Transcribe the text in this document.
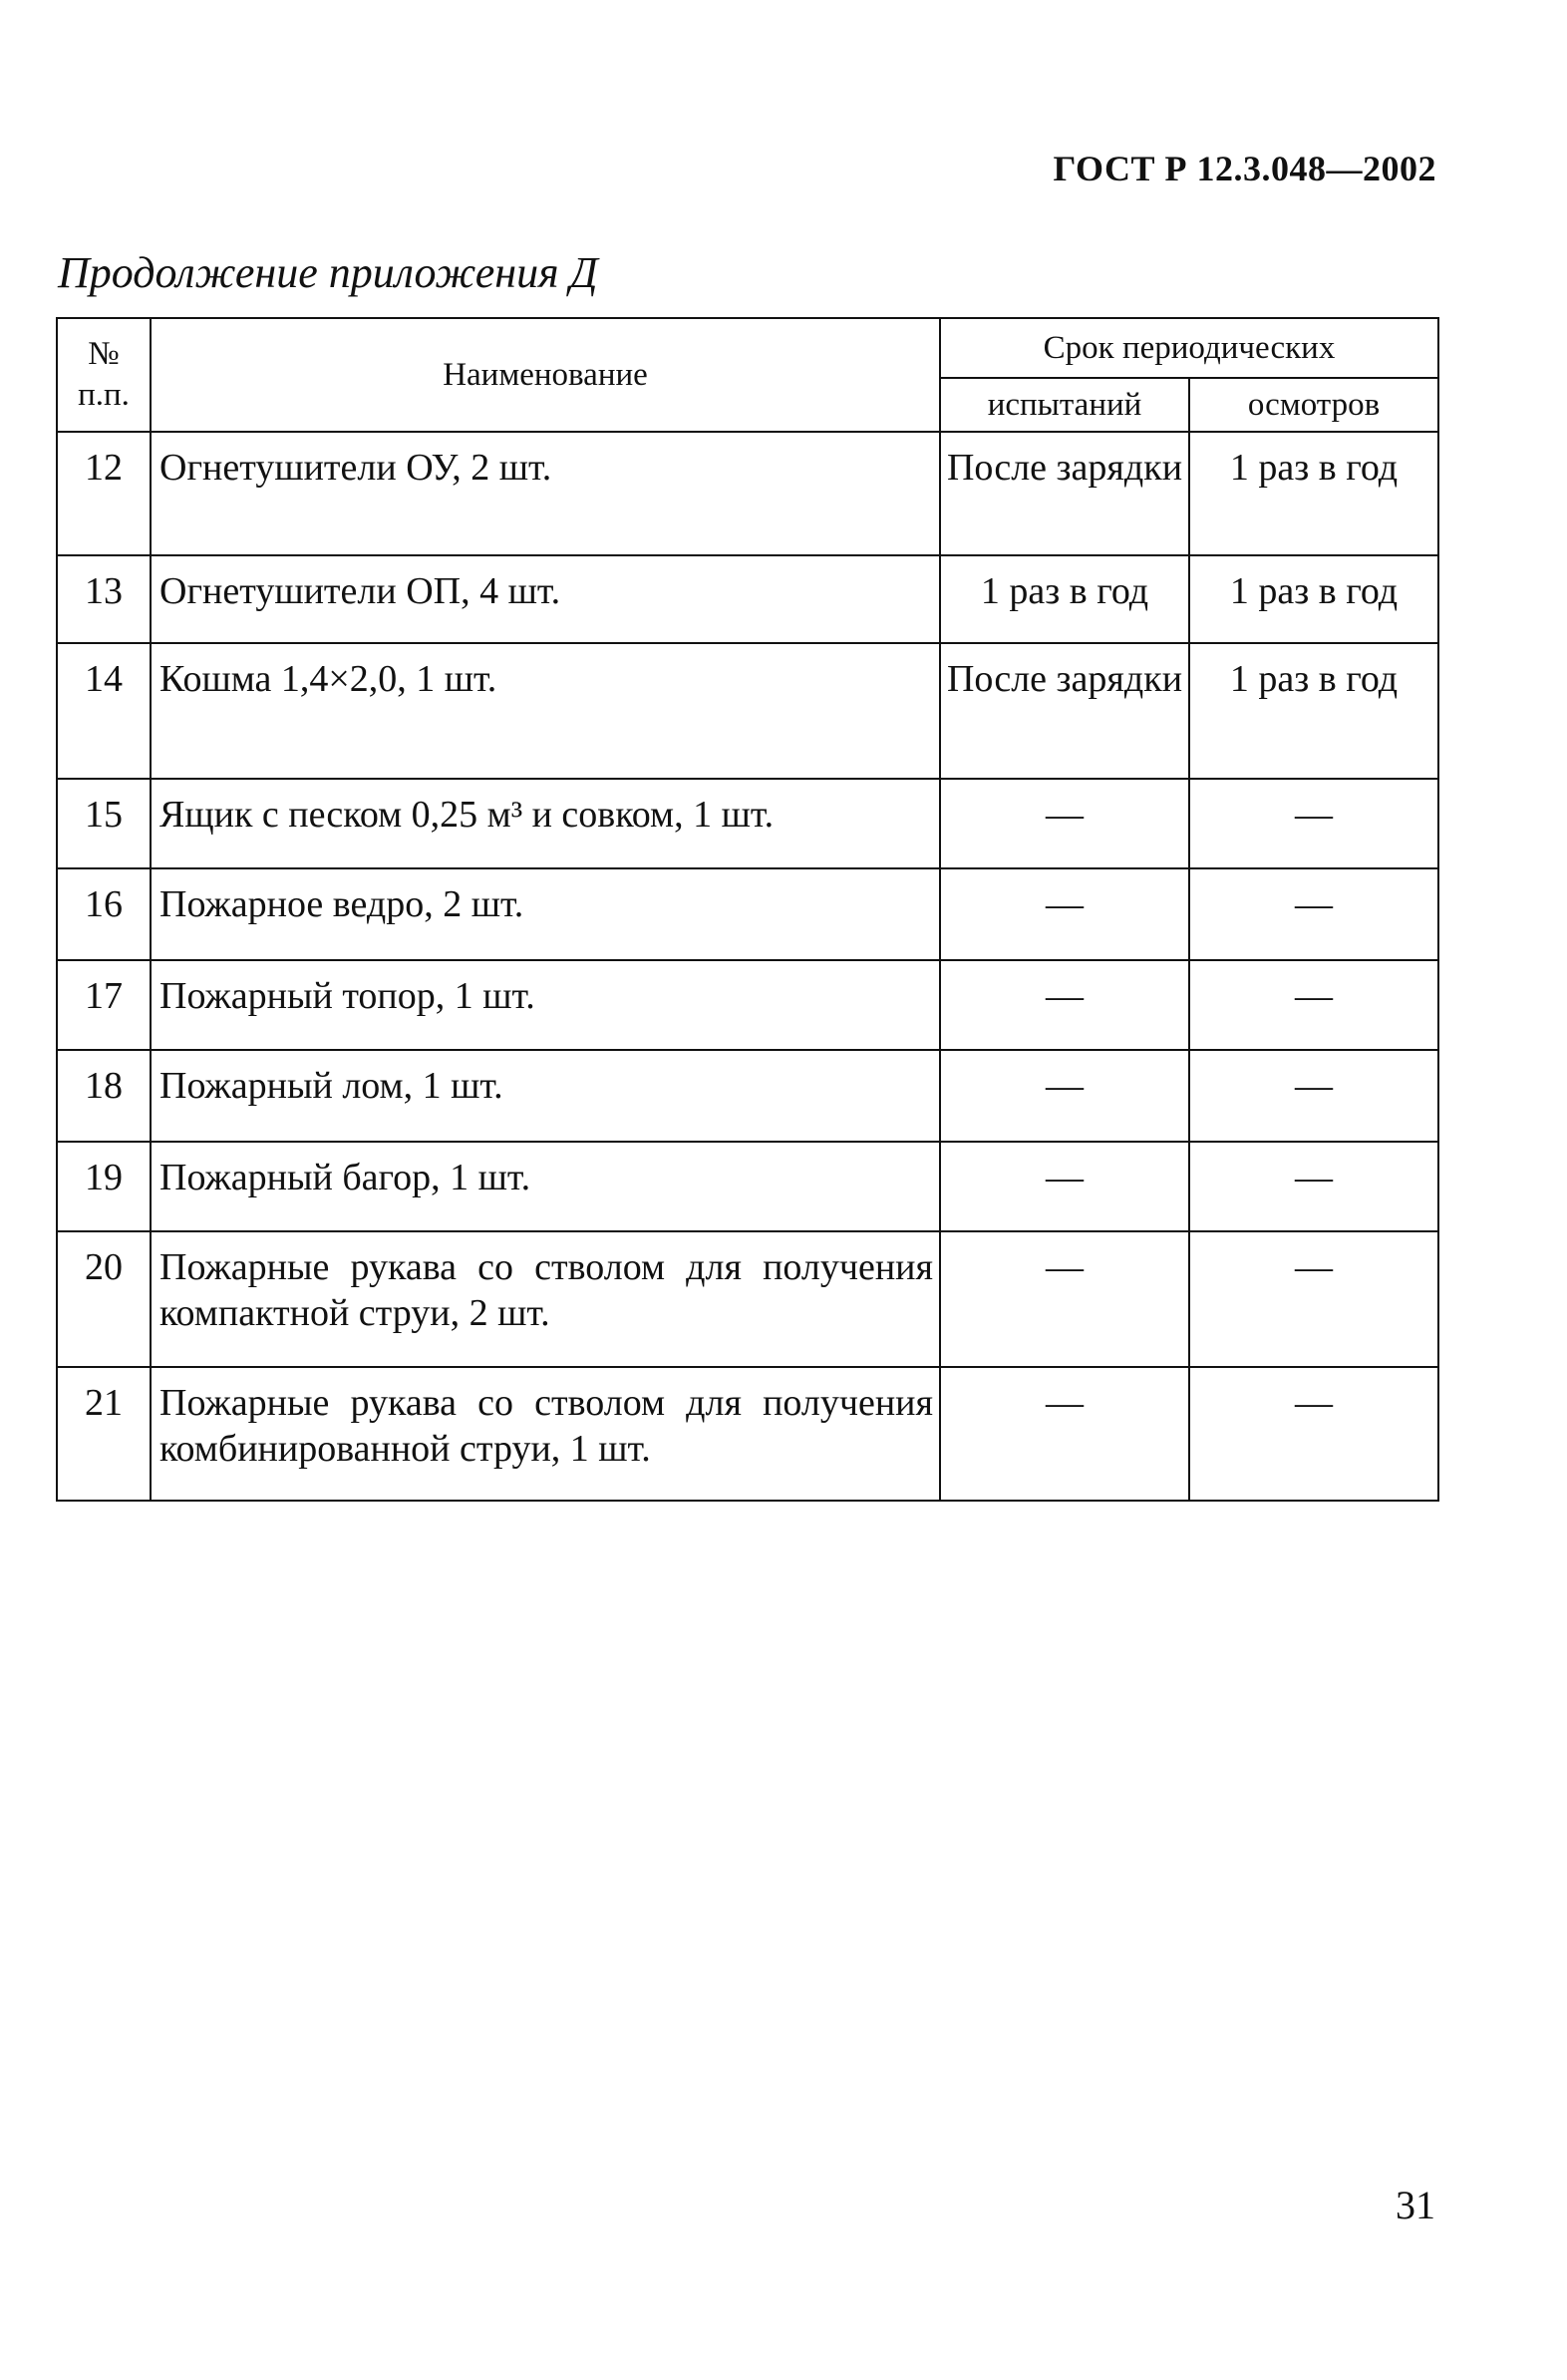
ГОСТ Р 12.3.048—2002
Продолжение приложения Д
№ п.п.	Наименование	Срок периодических	
		испытаний	осмотров
12	Огнетушители ОУ, 2 шт.	После зарядки	1 раз в год
13	Огнетушители ОП, 4 шт.	1 раз в год	1 раз в год
14	Кошма 1,4×2,0, 1 шт.	После зарядки	1 раз в год
15	Ящик с песком 0,25 м³ и совком, 1 шт.	—	—
16	Пожарное ведро, 2 шт.	—	—
17	Пожарный топор, 1 шт.	—	—
18	Пожарный лом, 1 шт.	—	—
19	Пожарный багор, 1 шт.	—	—
20	Пожарные рукава со стволом для получения компактной струи, 2 шт.	—	—
21	Пожарные рукава со стволом для получения комбинированной струи, 1 шт.	—	—
31
